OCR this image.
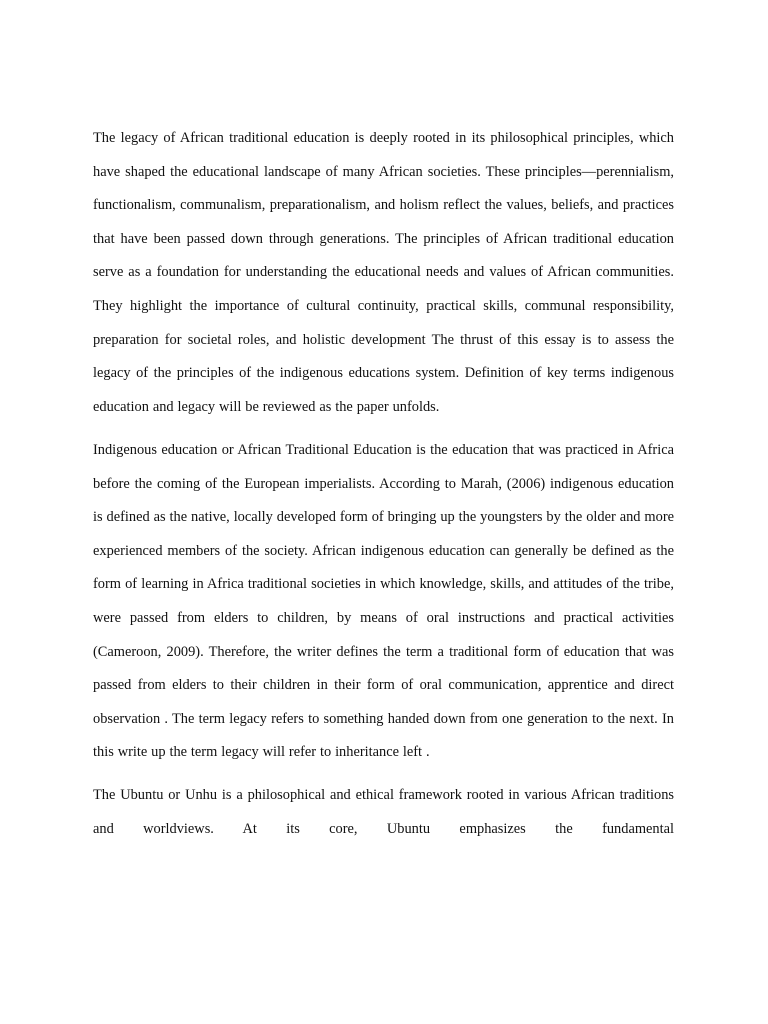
The legacy of African traditional education is deeply rooted in its philosophical principles, which have shaped the educational landscape of many African societies. These principles—perennialism, functionalism, communalism, preparationalism, and holism reflect the values, beliefs, and practices that have been passed down through generations. The principles of African traditional education serve as a foundation for understanding the educational needs and values of African communities. They highlight the importance of cultural continuity, practical skills, communal responsibility, preparation for societal roles, and holistic development The thrust of this essay is to assess the legacy of the principles of the indigenous educations system. Definition of key terms indigenous education and legacy will be reviewed as the paper unfolds.

Indigenous education or African Traditional Education is the education that was practiced in Africa before the coming of the European imperialists. According to Marah, (2006) indigenous education is defined as the native, locally developed form of bringing up the youngsters by the older and more experienced members of the society. African indigenous education can generally be defined as the form of learning in Africa traditional societies in which knowledge, skills, and attitudes of the tribe, were passed from elders to children, by means of oral instructions and practical activities (Cameroon, 2009). Therefore, the writer defines the term a traditional form of education that was passed from elders to their children in their form of oral communication, apprentice and direct observation . The term legacy refers to something handed down from one generation to the next. In this write up the term legacy will refer to inheritance left .

The Ubuntu or Unhu is a philosophical and ethical framework rooted in various African traditions and worldviews. At its core, Ubuntu emphasizes the fundamental
